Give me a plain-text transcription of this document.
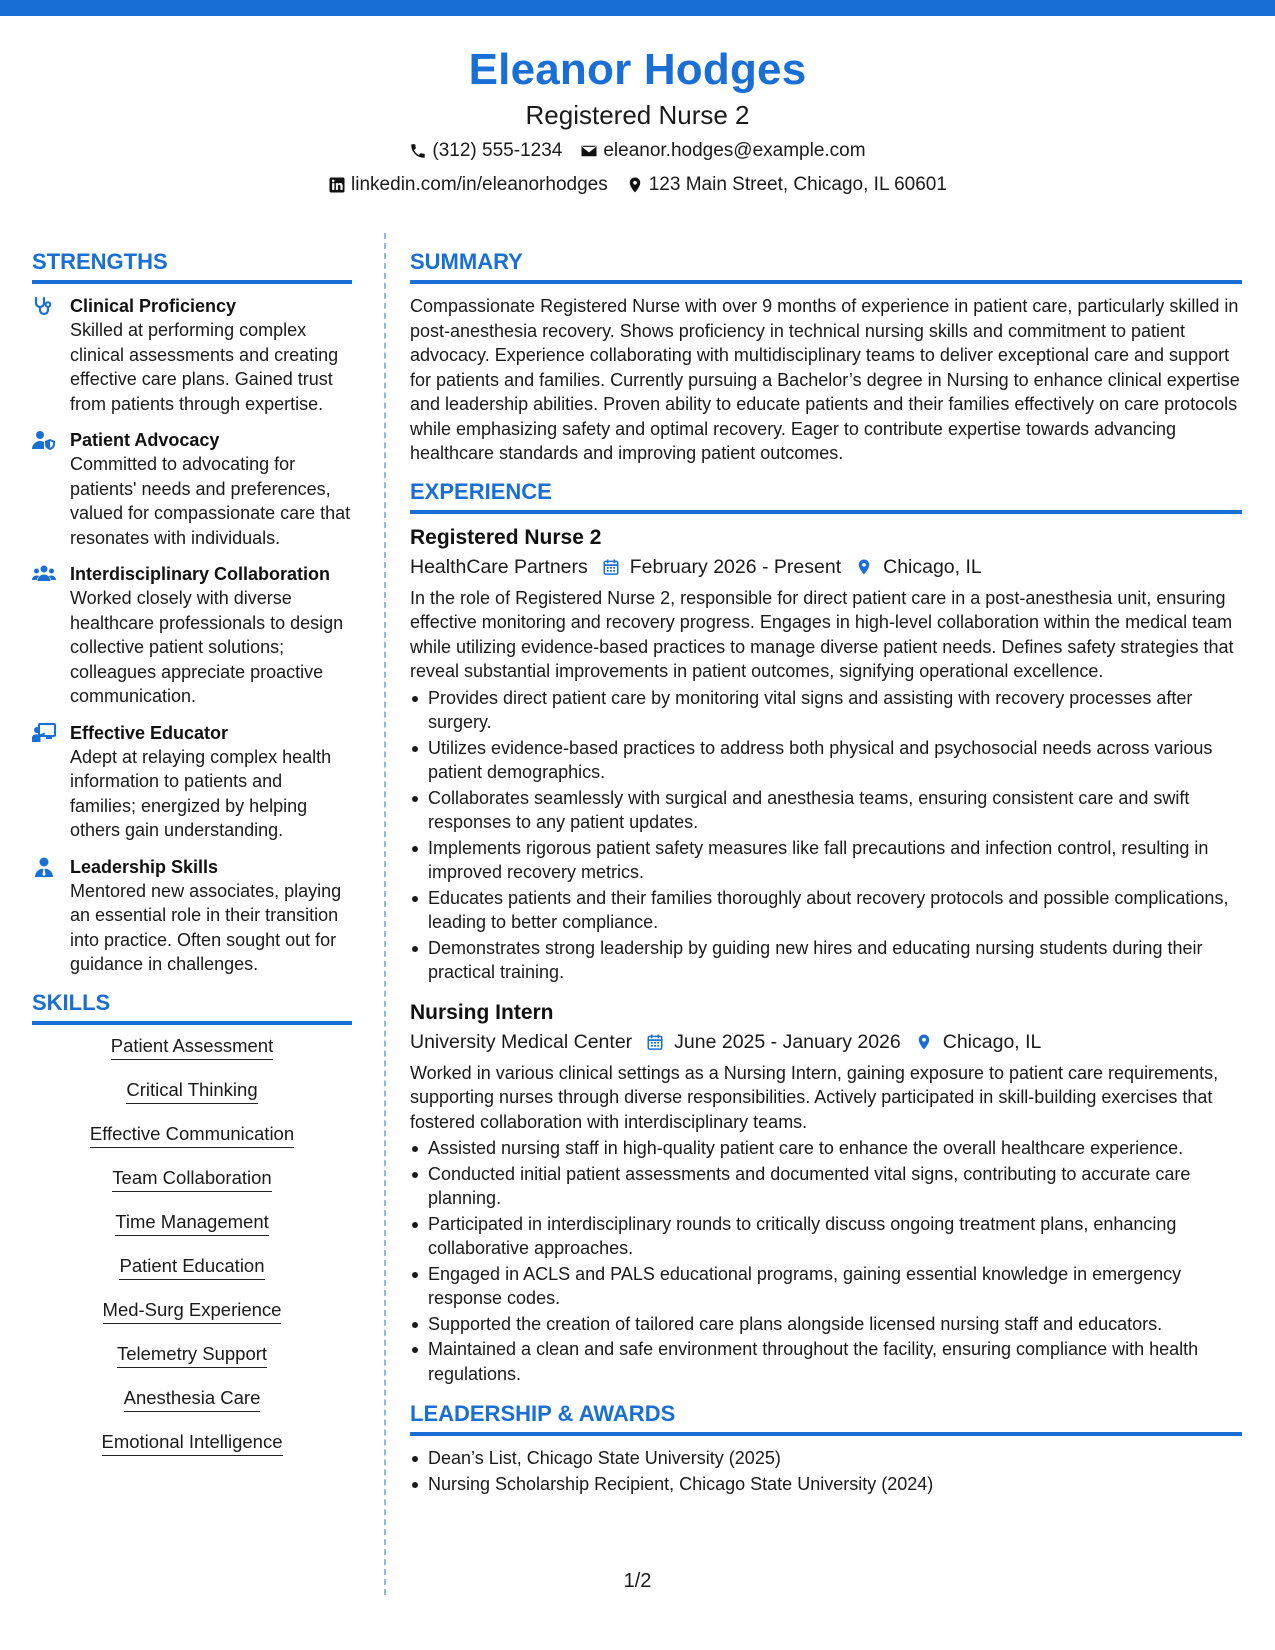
Eleanor Hodges
Registered Nurse 2
(312) 555-1234 eleanor.hodges@example.com
linkedin.com/in/eleanorhodges 123 Main Street, Chicago, IL 60601
STRENGTHS
Clinical Proficiency
Skilled at performing complex clinical assessments and creating effective care plans. Gained trust from patients through expertise.
Patient Advocacy
Committed to advocating for patients' needs and preferences, valued for compassionate care that resonates with individuals.
Interdisciplinary Collaboration
Worked closely with diverse healthcare professionals to design collective patient solutions; colleagues appreciate proactive communication.
Effective Educator
Adept at relaying complex health information to patients and families; energized by helping others gain understanding.
Leadership Skills
Mentored new associates, playing an essential role in their transition into practice. Often sought out for guidance in challenges.
SKILLS
Patient Assessment
Critical Thinking
Effective Communication
Team Collaboration
Time Management
Patient Education
Med-Surg Experience
Telemetry Support
Anesthesia Care
Emotional Intelligence
SUMMARY
Compassionate Registered Nurse with over 9 months of experience in patient care, particularly skilled in post-anesthesia recovery. Shows proficiency in technical nursing skills and commitment to patient advocacy. Experience collaborating with multidisciplinary teams to deliver exceptional care and support for patients and families. Currently pursuing a Bachelor’s degree in Nursing to enhance clinical expertise and leadership abilities. Proven ability to educate patients and their families effectively on care protocols while emphasizing safety and optimal recovery. Eager to contribute expertise towards advancing healthcare standards and improving patient outcomes.
EXPERIENCE
Registered Nurse 2
HealthCare Partners February 2026 - Present Chicago, IL
In the role of Registered Nurse 2, responsible for direct patient care in a post-anesthesia unit, ensuring effective monitoring and recovery progress. Engages in high-level collaboration within the medical team while utilizing evidence-based practices to manage diverse patient needs. Defines safety strategies that reveal substantial improvements in patient outcomes, signifying operational excellence.
Provides direct patient care by monitoring vital signs and assisting with recovery processes after surgery.
Utilizes evidence-based practices to address both physical and psychosocial needs across various patient demographics.
Collaborates seamlessly with surgical and anesthesia teams, ensuring consistent care and swift responses to any patient updates.
Implements rigorous patient safety measures like fall precautions and infection control, resulting in improved recovery metrics.
Educates patients and their families thoroughly about recovery protocols and possible complications, leading to better compliance.
Demonstrates strong leadership by guiding new hires and educating nursing students during their practical training.
Nursing Intern
University Medical Center June 2025 - January 2026 Chicago, IL
Worked in various clinical settings as a Nursing Intern, gaining exposure to patient care requirements, supporting nurses through diverse responsibilities. Actively participated in skill-building exercises that fostered collaboration with interdisciplinary teams.
Assisted nursing staff in high-quality patient care to enhance the overall healthcare experience.
Conducted initial patient assessments and documented vital signs, contributing to accurate care planning.
Participated in interdisciplinary rounds to critically discuss ongoing treatment plans, enhancing collaborative approaches.
Engaged in ACLS and PALS educational programs, gaining essential knowledge in emergency response codes.
Supported the creation of tailored care plans alongside licensed nursing staff and educators.
Maintained a clean and safe environment throughout the facility, ensuring compliance with health regulations.
LEADERSHIP & AWARDS
Dean’s List, Chicago State University (2025)
Nursing Scholarship Recipient, Chicago State University (2024)
1/2
